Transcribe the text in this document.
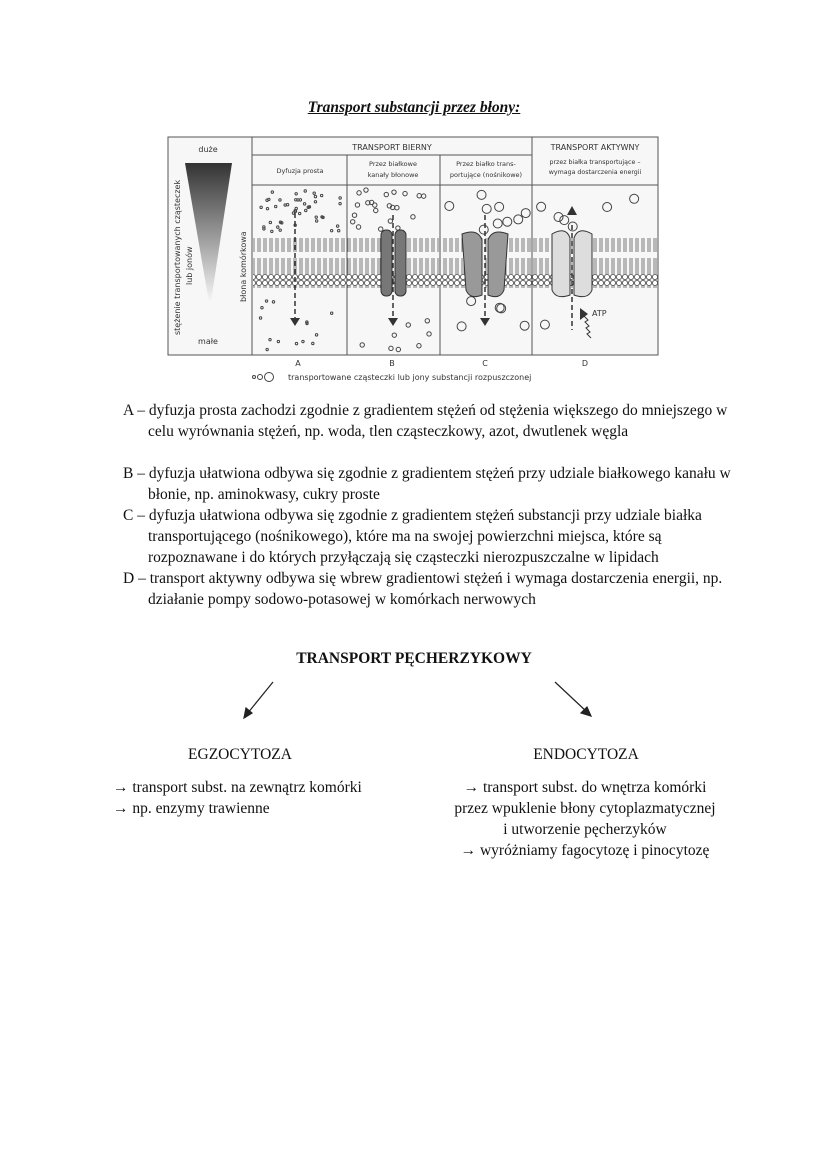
Transport substancji przez błony:
duże
małe
stężenie transportowanych cząsteczek lub jonów	błona komórkowa
TRANSPORT BIERNY	TRANSPORT AKTYWNY
przez białka transportujące –
wymaga dostarczenia energii
Dyfuzja prosta
Przez białkowe
kanały błonowe
Przez białko trans-
portujące (nośnikowe)
ATP
A	B	C	D
transportowane cząsteczki lub jony substancji rozpuszczonej
A – dyfuzja prosta zachodzi zgodnie z gradientem stężeń od stężenia większego do mniejszego w celu wyrównania stężeń, np. woda, tlen cząsteczkowy, azot, dwutlenek węgla
B – dyfuzja ułatwiona odbywa się zgodnie z gradientem stężeń przy udziale białkowego kanału w błonie, np. aminokwasy, cukry proste
C – dyfuzja ułatwiona odbywa się zgodnie z gradientem stężeń substancji przy udziale białka transportującego (nośnikowego), które ma na swojej powierzchni miejsca, które są rozpoznawane i do których przyłączają się cząsteczki nierozpuszczalne w lipidach
D – transport aktywny odbywa się wbrew gradientowi stężeń i wymaga dostarczenia energii, np. działanie pompy sodowo-potasowej w komórkach nerwowych
TRANSPORT PĘCHERZYKOWY
EGZOCYTOZA	ENDOCYTOZA
→ transport subst. na zewnątrz komórki
→ np. enzymy trawienne
→ transport subst. do wnętrza komórki
przez wpuklenie błony cytoplazmatycznej
i utworzenie pęcherzyków
→ wyróżniamy fagocytozę i pinocytozę
